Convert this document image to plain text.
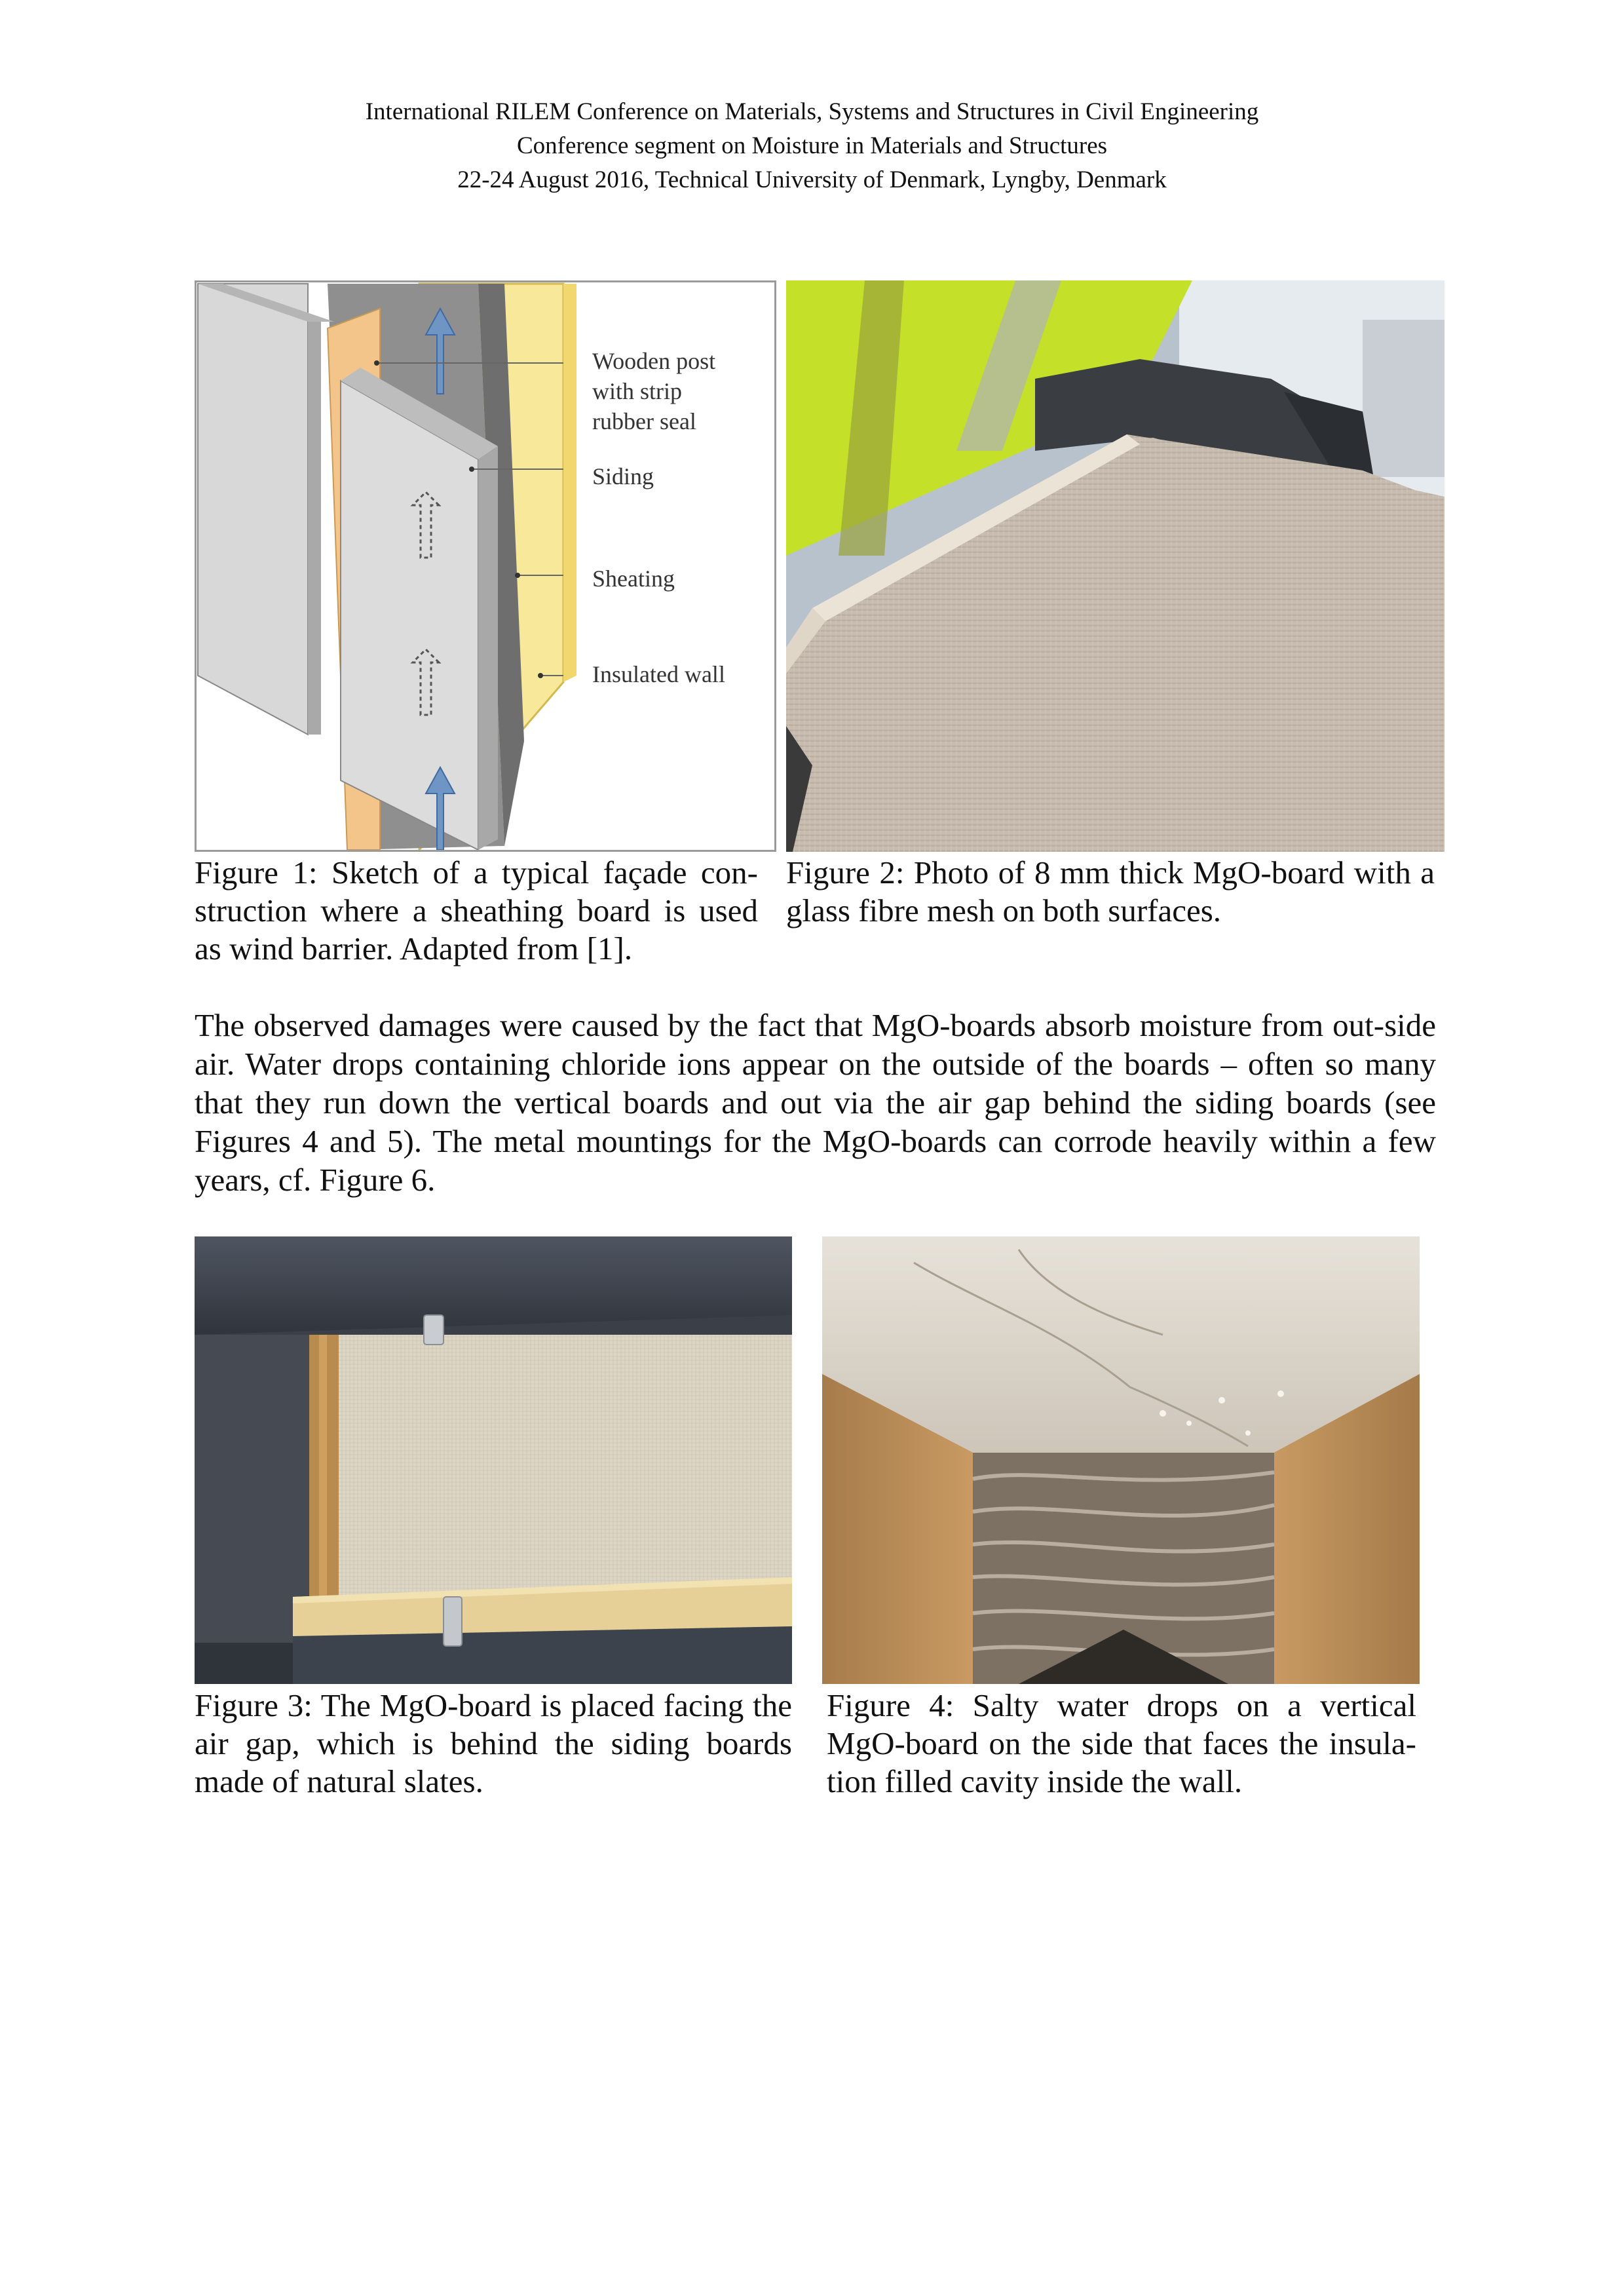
International RILEM Conference on Materials, Systems and Structures in Civil Engineering
Conference segment on Moisture in Materials and Structures
22-24 August 2016, Technical University of Denmark, Lyngby, Denmark
Wooden post
with strip
rubber seal
Siding
Sheating
Insulated wall
Figure 1: Sketch of a typical façade con-struction where a sheathing board is used as wind barrier. Adapted from [1].
Figure 2: Photo of 8 mm thick MgO-board with a glass fibre mesh on both surfaces.
The observed damages were caused by the fact that MgO-boards absorb moisture from out-side air. Water drops containing chloride ions appear on the outside of the boards – often so many that they run down the vertical boards and out via the air gap behind the siding boards (see Figures 4 and 5). The metal mountings for the MgO-boards can corrode heavily within a few years, cf. Figure 6.
Figure 3: The MgO-board is placed facing the air gap, which is behind the siding boards made of natural slates.
Figure 4: Salty water drops on a vertical MgO-board on the side that faces the insula-tion filled cavity inside the wall.
